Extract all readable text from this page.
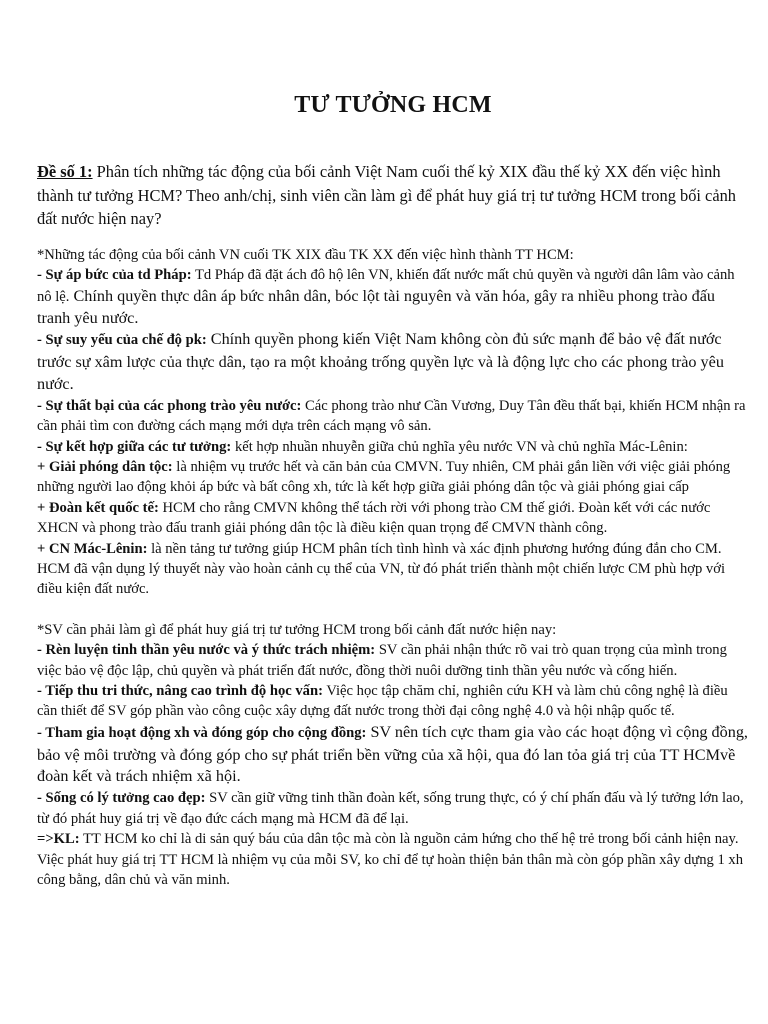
TƯ TƯỞNG HCM
Đề số 1: Phân tích những tác động của bối cảnh Việt Nam cuối thế kỷ XIX đầu thế kỷ XX đến việc hình thành tư tưởng HCM? Theo anh/chị, sinh viên cần làm gì để phát huy giá trị tư tưởng HCM trong bối cảnh đất nước hiện nay?

*Những tác động của bối cảnh VN cuối TK XIX đầu TK XX đến việc hình thành TT HCM:

- Sự áp bức của td Pháp: Td Pháp đã đặt ách đô hộ lên VN, khiến đất nước mất chủ quyền và người dân lâm vào cảnh nô lệ. Chính quyền thực dân áp bức nhân dân, bóc lột tài nguyên và văn hóa, gây ra nhiều phong trào đấu tranh yêu nước.

- Sự suy yếu của chế độ pk: Chính quyền phong kiến Việt Nam không còn đủ sức mạnh để bảo vệ đất nước trước sự xâm lược của thực dân, tạo ra một khoảng trống quyền lực và là động lực cho các phong trào yêu nước.

- Sự thất bại của các phong trào yêu nước: Các phong trào như Cần Vương, Duy Tân đều thất bại, khiến HCM nhận ra cần phải tìm con đường cách mạng mới dựa trên cách mạng vô sản.

- Sự kết hợp giữa các tư tưởng: kết hợp nhuần nhuyễn giữa chủ nghĩa yêu nước VN và chủ nghĩa Mác-Lênin:

+ Giải phóng dân tộc: là nhiệm vụ trước hết và căn bản của CMVN. Tuy nhiên, CM phải gắn liền với việc giải phóng những người lao động khỏi áp bức và bất công xh, tức là kết hợp giữa giải phóng dân tộc và giải phóng giai cấp

+ Đoàn kết quốc tế: HCM cho rằng CMVN không thể tách rời với phong trào CM thế giới. Đoàn kết với các nước XHCN và phong trào đấu tranh giải phóng dân tộc là điều kiện quan trọng để CMVN thành công.

+ CN Mác-Lênin: là nền tảng tư tưởng giúp HCM phân tích tình hình và xác định phương hướng đúng đắn cho CM. HCM đã vận dụng lý thuyết này vào hoàn cảnh cụ thể của VN, từ đó phát triển thành một chiến lược CM phù hợp với điều kiện đất nước.

*SV cần phải làm gì để phát huy giá trị tư tưởng HCM trong bối cảnh đất nước hiện nay:

- Rèn luyện tinh thần yêu nước và ý thức trách nhiệm: SV cần phải nhận thức rõ vai trò quan trọng của mình trong việc bảo vệ độc lập, chủ quyền và phát triển đất nước, đồng thời nuôi dưỡng tinh thần yêu nước và cống hiến.

- Tiếp thu tri thức, nâng cao trình độ học vấn: Việc học tập chăm chỉ, nghiên cứu KH và làm chủ công nghệ là điều cần thiết để SV góp phần vào công cuộc xây dựng đất nước trong thời đại công nghệ 4.0 và hội nhập quốc tế.

- Tham gia hoạt động xh và đóng góp cho cộng đồng: SV nên tích cực tham gia vào các hoạt động vì cộng đồng, bảo vệ môi trường và đóng góp cho sự phát triển bền vững của xã hội, qua đó lan tỏa giá trị của TT HCMvề đoàn kết và trách nhiệm xã hội.

- Sống có lý tưởng cao đẹp: SV cần giữ vững tinh thần đoàn kết, sống trung thực, có ý chí phấn đấu và lý tưởng lớn lao, từ đó phát huy giá trị về đạo đức cách mạng mà HCM đã để lại.

=>KL: TT HCM ko chỉ là di sản quý báu của dân tộc mà còn là nguồn cảm hứng cho thế hệ trẻ trong bối cảnh hiện nay. Việc phát huy giá trị TT HCM là nhiệm vụ của mỗi SV, ko chỉ để tự hoàn thiện bản thân mà còn góp phần xây dựng 1 xh công bằng, dân chủ và văn minh.
